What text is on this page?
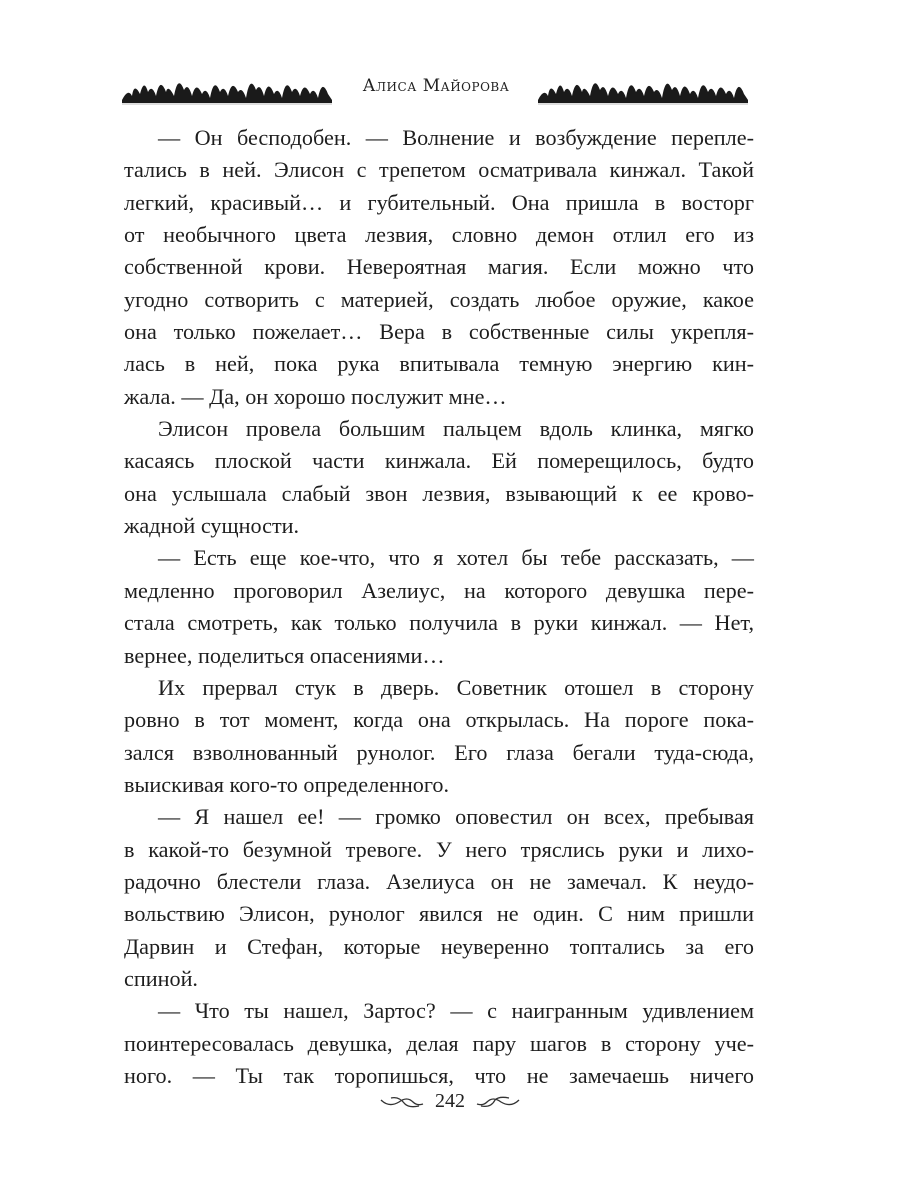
Алиса Майорова
— Он бесподобен. — Волнение и возбуждение перепле-
тались в ней. Элисон с трепетом осматривала кинжал. Такой
легкий, красивый… и губительный. Она пришла в восторг
от необычного цвета лезвия, словно демон отлил его из
собственной крови. Невероятная магия. Если можно что
угодно сотворить с материей, создать любое оружие, какое
она только пожелает… Вера в собственные силы укрепля-
лась в ней, пока рука впитывала темную энергию кин-
жала. — Да, он хорошо послужит мне…
Элисон провела большим пальцем вдоль клинка, мягко
касаясь плоской части кинжала. Ей померещилось, будто
она услышала слабый звон лезвия, взывающий к ее крово-
жадной сущности.
— Есть еще кое-что, что я хотел бы тебе рассказать, —
медленно проговорил Азелиус, на которого девушка пере-
стала смотреть, как только получила в руки кинжал. — Нет,
вернее, поделиться опасениями…
Их прервал стук в дверь. Советник отошел в сторону
ровно в тот момент, когда она открылась. На пороге пока-
зался взволнованный рунолог. Его глаза бегали туда-сюда,
выискивая кого-то определенного.
— Я нашел ее! — громко оповестил он всех, пребывая
в какой-то безумной тревоге. У него тряслись руки и лихо-
радочно блестели глаза. Азелиуса он не замечал. К неудо-
вольствию Элисон, рунолог явился не один. С ним пришли
Дарвин и Стефан, которые неуверенно топтались за его
спиной.
— Что ты нашел, Зартос? — с наигранным удивлением
поинтересовалась девушка, делая пару шагов в сторону уче-
ного. — Ты так торопишься, что не замечаешь ничего
242
